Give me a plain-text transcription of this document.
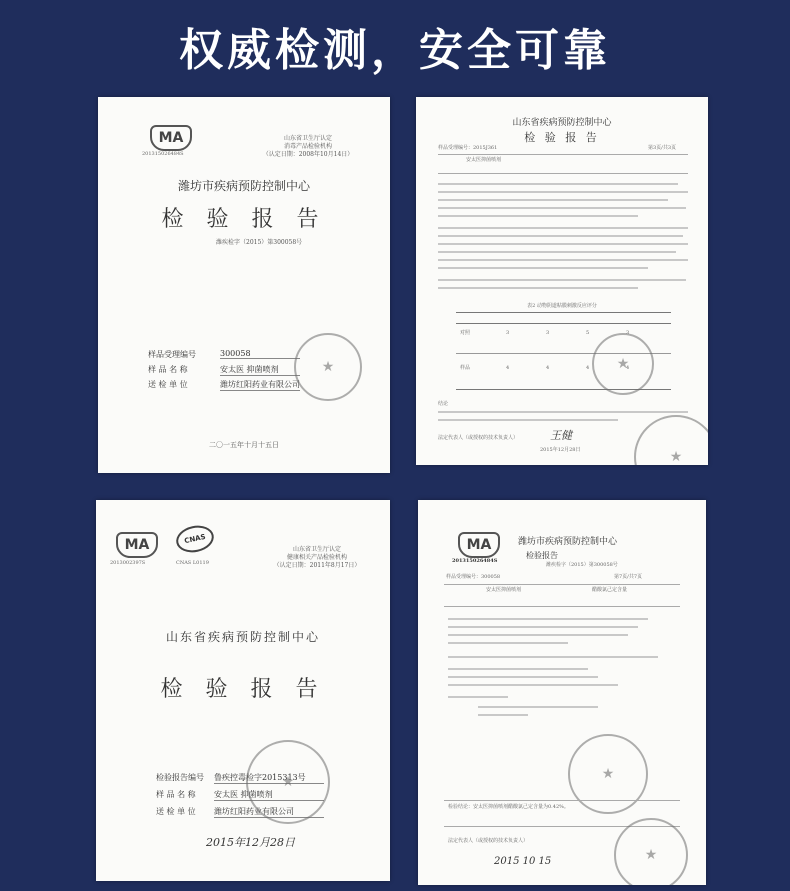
权威检测，安全可靠
MA
201315026484S
山东省卫生厅认定
消毒产品检验机构
（认定日期：2008年10月14日）
潍坊市疾病预防控制中心
检 验 报 告
潍疾检字（2015）第300058号
样品受理编号	300058
样 品 名 称	安太医 抑菌喷剂
送 检 单 位	潍坊红阳药业有限公司
★
二〇一五年十月十五日
山东省疾病预防控制中心
检 验 报 告
样品受理编号：2015J361	第3页/共3页
安太医抑菌喷剂
表2 动物阴道粘膜刺激反应评分
对照	3	3	5	3
样品	4	4	4	4
结论
法定代表人（或授权的技术负责人）	王健
2015年12月28日
★
★
MA
2013002397S
CNAS
CNAS L0119
山东省卫生厅认定
健康相关产品检验机构
（认定日期：2011年8月17日）
山东省疾病预防控制中心
检 验 报 告
检验报告编号 鲁疾控毒检字2015313号
样 品 名 称 安太医 抑菌喷剂
送 检 单 位 潍坊红阳药业有限公司
★
2015年12月28日
MA
201315026484S
潍坊市疾病预防控制中心
检验报告
潍疾检字（2015）第300058号
样品受理编号：300058	第7页/共7页
安太医抑菌喷剂	醋酸氯己定含量
★
检验结论：安太医抑菌喷剂醋酸氯己定含量为0.42%。
法定代表人（或授权的技术负责人）
2015 10 15
★
